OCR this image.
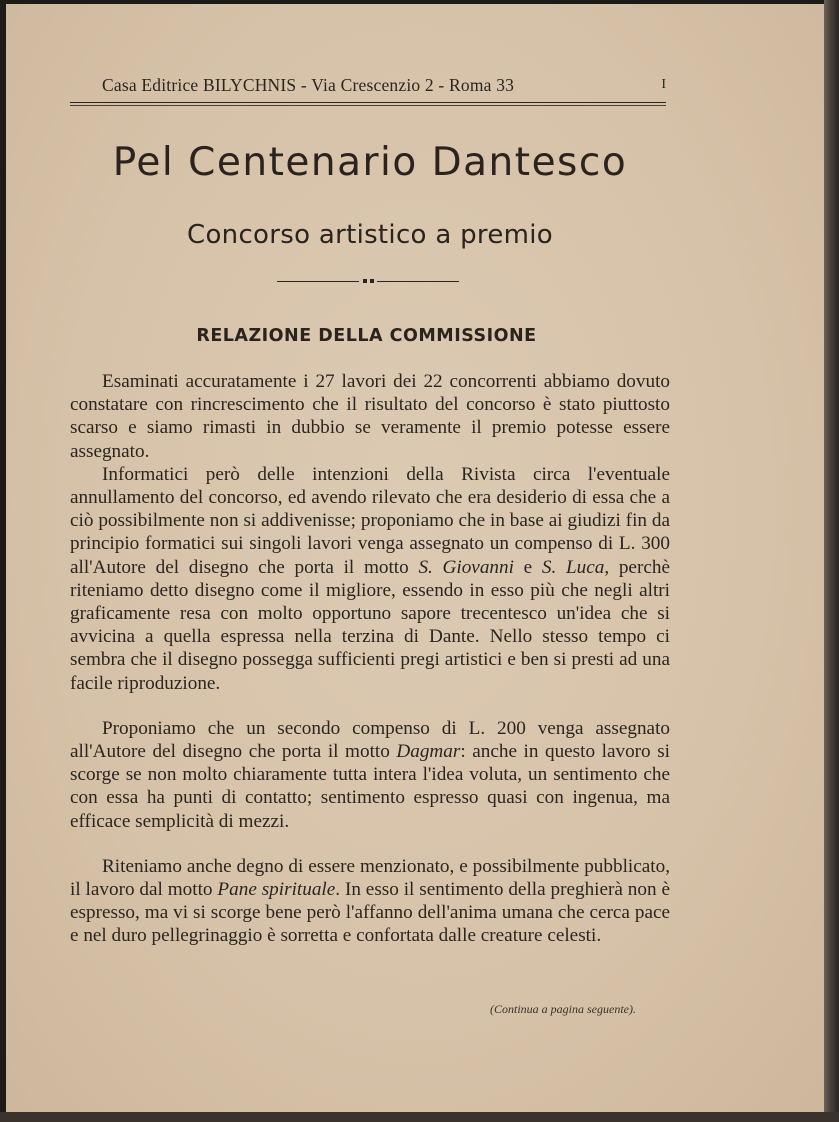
Casa Editrice BILYCHNIS - Via Crescenzio 2 - Roma 33	I
Pel Centenario Dantesco
Concorso artistico a premio
RELAZIONE DELLA COMMISSIONE

Esaminati accuratamente i 27 lavori dei 22 concorrenti abbiamo dovuto constatare con rincrescimento che il risultato del concorso è stato piuttosto scarso e siamo rimasti in dubbio se veramente il premio potesse essere assegnato.

Informatici però delle intenzioni della Rivista circa l'eventuale annullamento del concorso, ed avendo rilevato che era desiderio di essa che a ciò possibilmente non si addivenisse; proponiamo che in base ai giudizi fin da principio formatici sui singoli lavori venga assegnato un compenso di L. 300 all'Autore del disegno che porta il motto S. Giovanni e S. Luca, perchè riteniamo detto disegno come il migliore, essendo in esso più che negli altri graficamente resa con molto opportuno sapore trecentesco un'idea che si avvicina a quella espressa nella terzina di Dante. Nello stesso tempo ci sembra che il disegno possegga sufficienti pregi artistici e ben si presti ad una facile riproduzione.

Proponiamo che un secondo compenso di L. 200 venga assegnato all'Autore del disegno che porta il motto Dagmar: anche in questo lavoro si scorge se non molto chiaramente tutta intera l'idea voluta, un sentimento che con essa ha punti di contatto; sentimento espresso quasi con ingenua, ma efficace semplicità di mezzi.

Riteniamo anche degno di essere menzionato, e possibilmente pubblicato, il lavoro dal motto Pane spirituale. In esso il sentimento della preghierà non è espresso, ma vi si scorge bene però l'affanno dell'anima umana che cerca pace e nel duro pellegrinaggio è sorretta e confortata dalle creature celesti.

(Continua a pagina seguente).
